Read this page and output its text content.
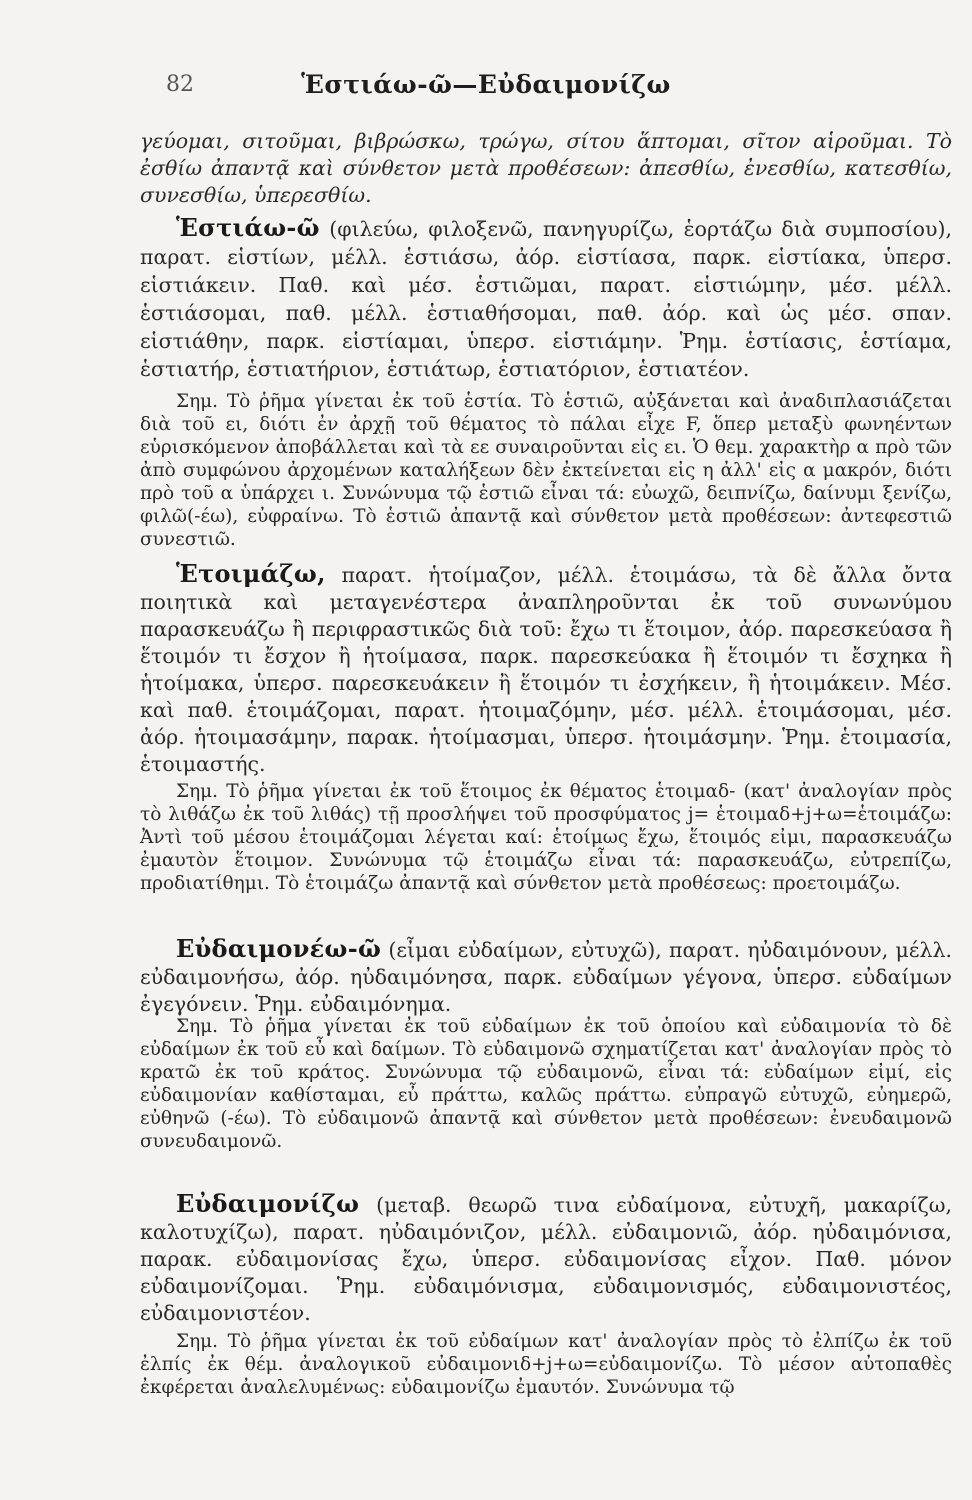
82	Ἑστιάω-ῶ—Εὐδαιμονίζω

γεύομαι, σιτοῦμαι, βιβρώσκω, τρώγω, σίτου ἅπτομαι, σῖτον αἱροῦμαι. Τὸ ἐσθίω ἀπαντᾷ καὶ σύνθετον μετὰ προθέσεων: ἀπεσθίω, ἐνεσθίω, κατεσθίω, συνεσθίω, ὑπερεσθίω.

Ἑστιάω-ῶ (φιλεύω, φιλοξενῶ, πανηγυρίζω, ἑορτάζω διὰ συμποσίου), παρατ. εἱστίων, μέλλ. ἑστιάσω, ἀόρ. εἱστίασα, παρκ. εἱστίακα, ὑπερσ. εἱστιάκειν. Παθ. καὶ μέσ. ἑστιῶμαι, παρατ. εἱστιώμην, μέσ. μέλλ. ἑστιάσομαι, παθ. μέλλ. ἑστιαθήσομαι, παθ. ἀόρ. καὶ ὡς μέσ. σπαν. εἱστιάθην, παρκ. εἱστίαμαι, ὑπερσ. εἱστιάμην. Ῥημ. ἑστίασις, ἑστίαμα, ἑστιατήρ, ἑστιατήριον, ἑστιάτωρ, ἑστιατόριον, ἑστιατέον.

Σημ. Τὸ ῥῆμα γίνεται ἐκ τοῦ ἑστία. Τὸ ἑστιῶ, αὐξάνεται καὶ ἀναδιπλασιάζεται διὰ τοῦ ει, διότι ἐν ἀρχῇ τοῦ θέματος τὸ πάλαι εἶχε F, ὅπερ μεταξὺ φωνηέντων εὑρισκόμενον ἀποβάλλεται καὶ τὰ εε συναιροῦνται εἰς ει. Ὁ θεμ. χαρακτὴρ α πρὸ τῶν ἀπὸ συμφώνου ἀρχομένων καταλήξεων δὲν ἐκτείνεται εἰς η ἀλλ' εἰς α μακρόν, διότι πρὸ τοῦ α ὑπάρχει ι. Συνώνυμα τῷ ἑστιῶ εἶναι τά: εὐωχῶ, δειπνίζω, δαίνυμι ξενίζω, φιλῶ(-έω), εὐφραίνω. Τὸ ἑστιῶ ἀπαντᾷ καὶ σύνθετον μετὰ προθέσεων: ἀντεφεστιῶ συνεστιῶ.

Ἑτοιμάζω, παρατ. ἡτοίμαζον, μέλλ. ἑτοιμάσω, τὰ δὲ ἄλλα ὄντα ποιητικὰ καὶ μεταγενέστερα ἀναπληροῦνται ἐκ τοῦ συνωνύμου παρασκευάζω ἢ περιφραστικῶς διὰ τοῦ: ἔχω τι ἕτοιμον, ἀόρ. παρεσκεύασα ἢ ἕτοιμόν τι ἔσχον ἢ ἡτοίμασα, παρκ. παρεσκεύακα ἢ ἕτοιμόν τι ἔσχηκα ἢ ἡτοίμακα, ὑπερσ. παρεσκευάκειν ἢ ἕτοιμόν τι ἐσχήκειν, ἢ ἡτοιμάκειν. Μέσ. καὶ παθ. ἑτοιμάζομαι, παρατ. ἡτοιμαζόμην, μέσ. μέλλ. ἑτοιμάσομαι, μέσ. ἀόρ. ἡτοιμασάμην, παρακ. ἡτοίμασμαι, ὑπερσ. ἡτοιμάσμην. Ῥημ. ἑτοιμασία, ἑτοιμαστής.

Σημ. Τὸ ῥῆμα γίνεται ἐκ τοῦ ἕτοιμος ἐκ θέματος ἑτοιμαδ- (κατ' ἀναλογίαν πρὸς τὸ λιθάζω ἐκ τοῦ λιθάς) τῇ προσλήψει τοῦ προσφύματος j= ἑτοιμαδ+j+ω=ἑτοιμάζω: Ἀντὶ τοῦ μέσου ἑτοιμάζομαι λέγεται καί: ἑτοίμως ἔχω, ἕτοιμός εἰμι, παρασκευάζω ἐμαυτὸν ἕτοιμον. Συνώνυμα τῷ ἑτοιμάζω εἶναι τά: παρασκευάζω, εὐτρεπίζω, προδιατίθημι. Τὸ ἑτοιμάζω ἀπαντᾷ καὶ σύνθετον μετὰ προθέσεως: προετοιμάζω.

Εὐδαιμονέω-ῶ (εἶμαι εὐδαίμων, εὐτυχῶ), παρατ. ηὐδαιμόνουν, μέλλ. εὐδαιμονήσω, ἀόρ. ηὐδαιμόνησα, παρκ. εὐδαίμων γέγονα, ὑπερσ. εὐδαίμων ἐγεγόνειν. Ῥημ. εὐδαιμόνημα.

Σημ. Τὸ ῥῆμα γίνεται ἐκ τοῦ εὐδαίμων ἐκ τοῦ ὁποίου καὶ εὐδαιμονία τὸ δὲ εὐδαίμων ἐκ τοῦ εὖ καὶ δαίμων. Τὸ εὐδαιμονῶ σχηματίζεται κατ' ἀναλογίαν πρὸς τὸ κρατῶ ἐκ τοῦ κράτος. Συνώνυμα τῷ εὐδαιμονῶ, εἶναι τά: εὐδαίμων εἰμί, εἰς εὐδαιμονίαν καθίσταμαι, εὖ πράττω, καλῶς πράττω. εὐπραγῶ εὐτυχῶ, εὐημερῶ, εὐθηνῶ (-έω). Τὸ εὐδαιμονῶ ἀπαντᾷ καὶ σύνθετον μετὰ προθέσεων: ἐνευδαιμονῶ συνευδαιμονῶ.

Εὐδαιμονίζω (μεταβ. θεωρῶ τινα εὐδαίμονα, εὐτυχῆ, μακαρίζω, καλοτυχίζω), παρατ. ηὐδαιμόνιζον, μέλλ. εὐδαιμονιῶ, ἀόρ. ηὐδαιμόνισα, παρακ. εὐδαιμονίσας ἔχω, ὑπερσ. εὐδαιμονίσας εἶχον. Παθ. μόνον εὐδαιμονίζομαι. Ῥημ. εὐδαιμόνισμα, εὐδαιμονισμός, εὐδαιμονιστέος, εὐδαιμονιστέον.

Σημ. Τὸ ῥῆμα γίνεται ἐκ τοῦ εὐδαίμων κατ' ἀναλογίαν πρὸς τὸ ἐλπίζω ἐκ τοῦ ἐλπίς ἐκ θέμ. ἀναλογικοῦ εὐδαιμονιδ+j+ω=εὐδαιμονίζω. Τὸ μέσον αὐτοπαθὲς ἐκφέρεται ἀναλελυμένως: εὐδαιμονίζω ἐμαυτόν. Συνώνυμα τῷ
